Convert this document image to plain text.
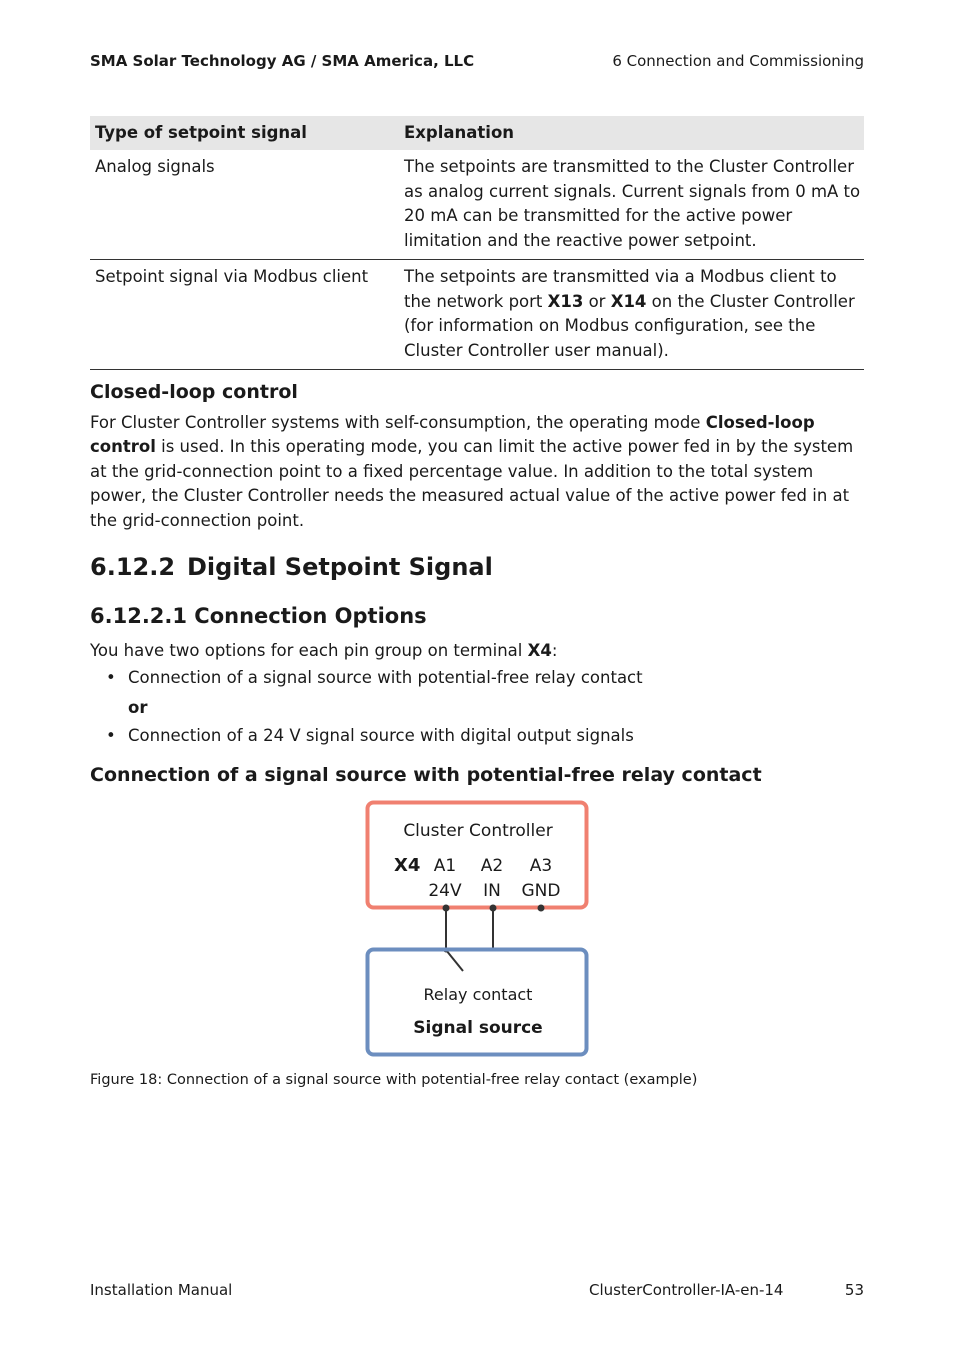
SMA Solar Technology AG / SMA America, LLC	6 Connection and Commissioning
Type of setpoint signal	Explanation
Analog signals	The setpoints are transmitted to the Cluster Controller as analog current signals. Current signals from 0 mA to 20 mA can be transmitted for the active power limitation and the reactive power setpoint.
Setpoint signal via Modbus client	The setpoints are transmitted via a Modbus client to the network port X13 or X14 on the Cluster Controller (for information on Modbus configuration, see the Cluster Controller user manual).
Closed-loop control
For Cluster Controller systems with self-consumption, the operating mode Closed-loop control is used. In this operating mode, you can limit the active power fed in by the system at the grid-connection point to a fixed percentage value. In addition to the total system power, the Cluster Controller needs the measured actual value of the active power fed in at the grid-connection point.
6.12.2 Digital Setpoint Signal
6.12.2.1 Connection Options
You have two options for each pin group on terminal X4:
• Connection of a signal source with potential-free relay contact
or
• Connection of a 24 V signal source with digital output signals
Connection of a signal source with potential-free relay contact
Cluster Controller
X4 A1 A2 A3
24V IN GND
Relay contact
Signal source
Figure 18: Connection of a signal source with potential-free relay contact (example)
Installation Manual	ClusterController-IA-en-14	53
